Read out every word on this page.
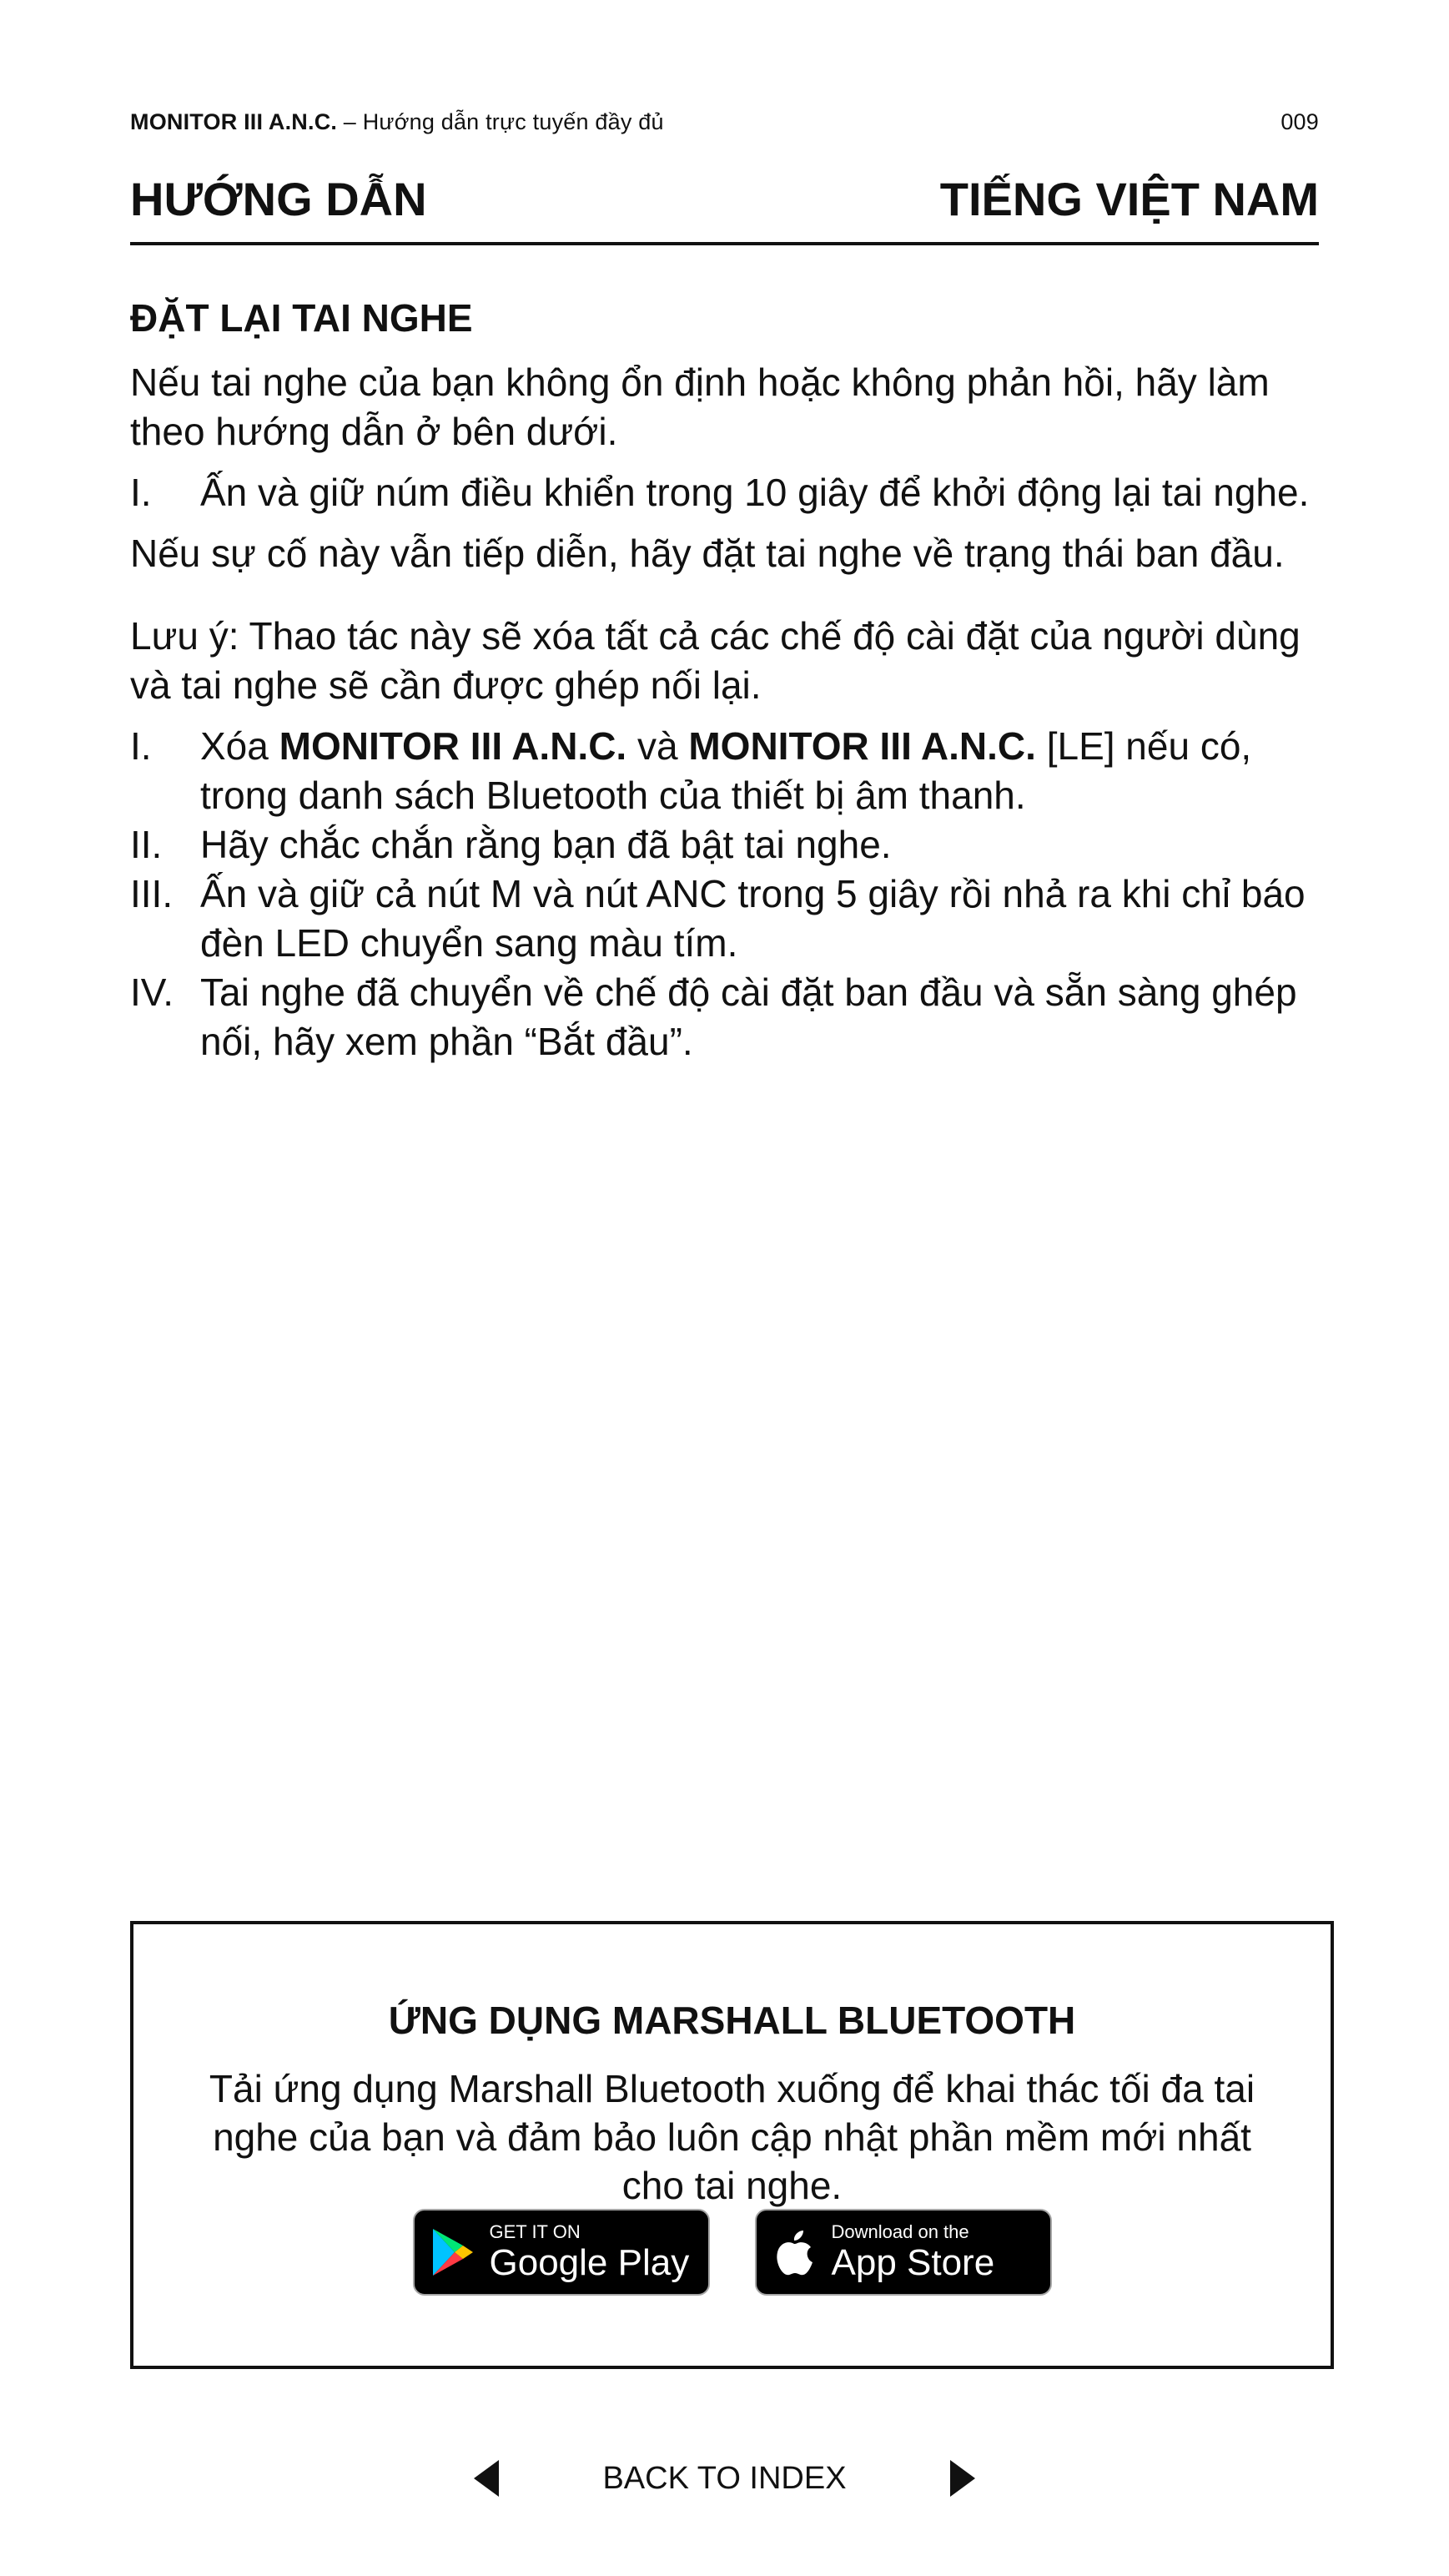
MONITOR III A.N.C. – Hướng dẫn trực tuyến đầy đủ	009
HƯỚNG DẪN	TIẾNG VIỆT NAM
ĐẶT LẠI TAI NGHE

Nếu tai nghe của bạn không ổn định hoặc không phản hồi, hãy làm theo hướng dẫn ở bên dưới.

I. Ấn và giữ núm điều khiển trong 10 giây để khởi động lại tai nghe.

Nếu sự cố này vẫn tiếp diễn, hãy đặt tai nghe về trạng thái ban đầu.

Lưu ý: Thao tác này sẽ xóa tất cả các chế độ cài đặt của người dùng và tai nghe sẽ cần được ghép nối lại.

I. Xóa MONITOR III A.N.C. và MONITOR III A.N.C. [LE] nếu có, trong danh sách Bluetooth của thiết bị âm thanh.
II. Hãy chắc chắn rằng bạn đã bật tai nghe.
III. Ấn và giữ cả nút M và nút ANC trong 5 giây rồi nhả ra khi chỉ báo đèn LED chuyển sang màu tím.
IV. Tai nghe đã chuyển về chế độ cài đặt ban đầu và sẵn sàng ghép nối, hãy xem phần “Bắt đầu”.
ỨNG DỤNG MARSHALL BLUETOOTH
Tải ứng dụng Marshall Bluetooth xuống để khai thác tối đa tai nghe của bạn và đảm bảo luôn cập nhật phần mềm mới nhất cho tai nghe.
GET IT ON
Google Play
Download on the
App Store
BACK TO INDEX
